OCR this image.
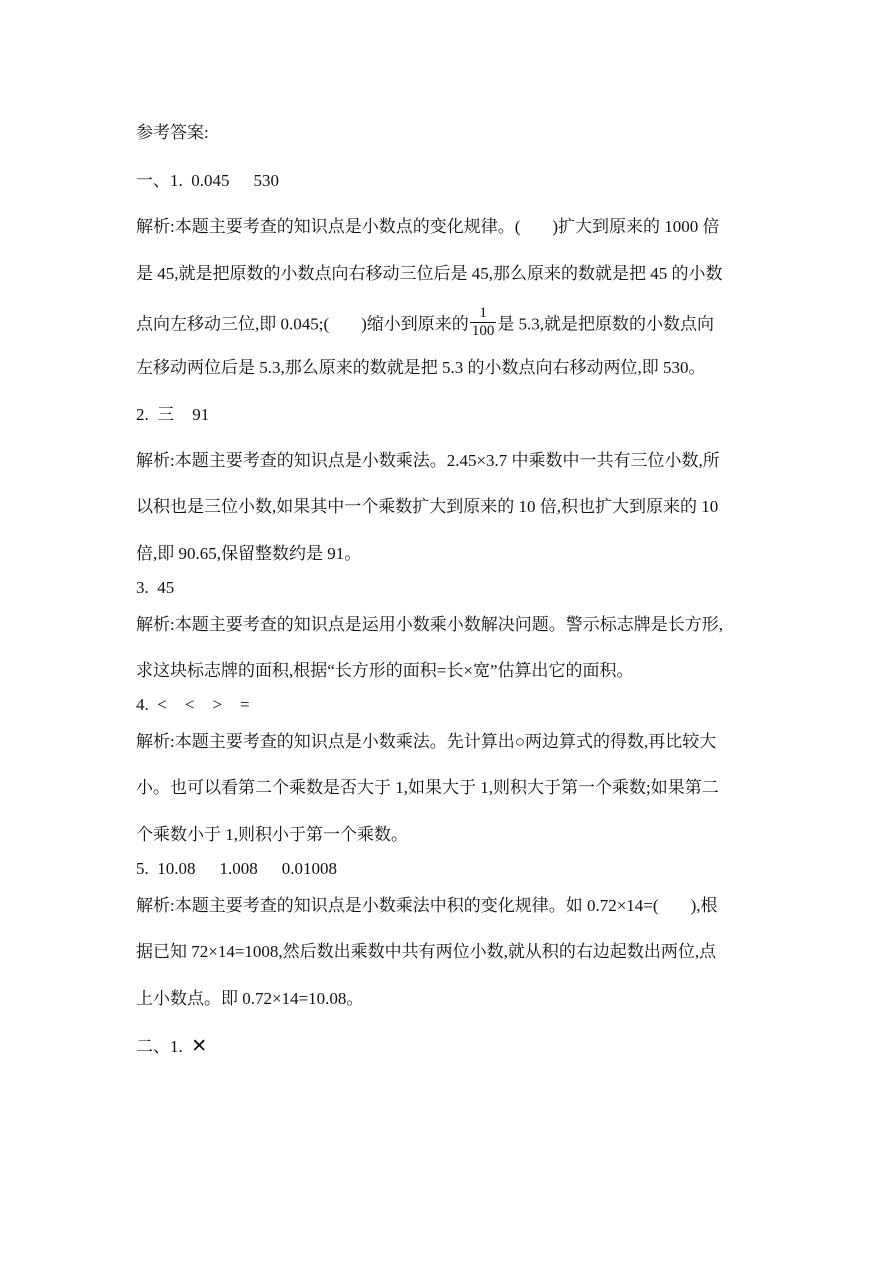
参考答案:
一、1. 0.045 530
解析:本题主要考查的知识点是小数点的变化规律。( )扩大到原来的 1000 倍
是 45,就是把原数的小数点向右移动三位后是 45,那么原来的数就是把 45 的小数
点向左移动三位,即 0.045;( )缩小到原来的 $\frac{1}{100}$ 是 5.3,就是把原数的小数点向
左移动两位后是 5.3,那么原来的数就是把 5.3 的小数点向右移动两位,即 530。
2. 三 91
解析:本题主要考查的知识点是小数乘法。2.45×3.7 中乘数中一共有三位小数,所
以积也是三位小数,如果其中一个乘数扩大到原来的 10 倍,积也扩大到原来的 10
倍,即 90.65,保留整数约是 91。
3. 45
解析:本题主要考查的知识点是运用小数乘小数解决问题。警示标志牌是长方形,
求这块标志牌的面积,根据“长方形的面积=长×宽”估算出它的面积。
4. < < > =
解析:本题主要考查的知识点是小数乘法。先计算出○两边算式的得数,再比较大
小。也可以看第二个乘数是否大于 1,如果大于 1,则积大于第一个乘数;如果第二
个乘数小于 1,则积小于第一个乘数。
5. 10.08 1.008 0.01008
解析:本题主要考查的知识点是小数乘法中积的变化规律。如 0.72×14=( ),根
据已知 72×14=1008,然后数出乘数中共有两位小数,就从积的右边起数出两位,点
上小数点。即 0.72×14=10.08。
二、1. ✕
